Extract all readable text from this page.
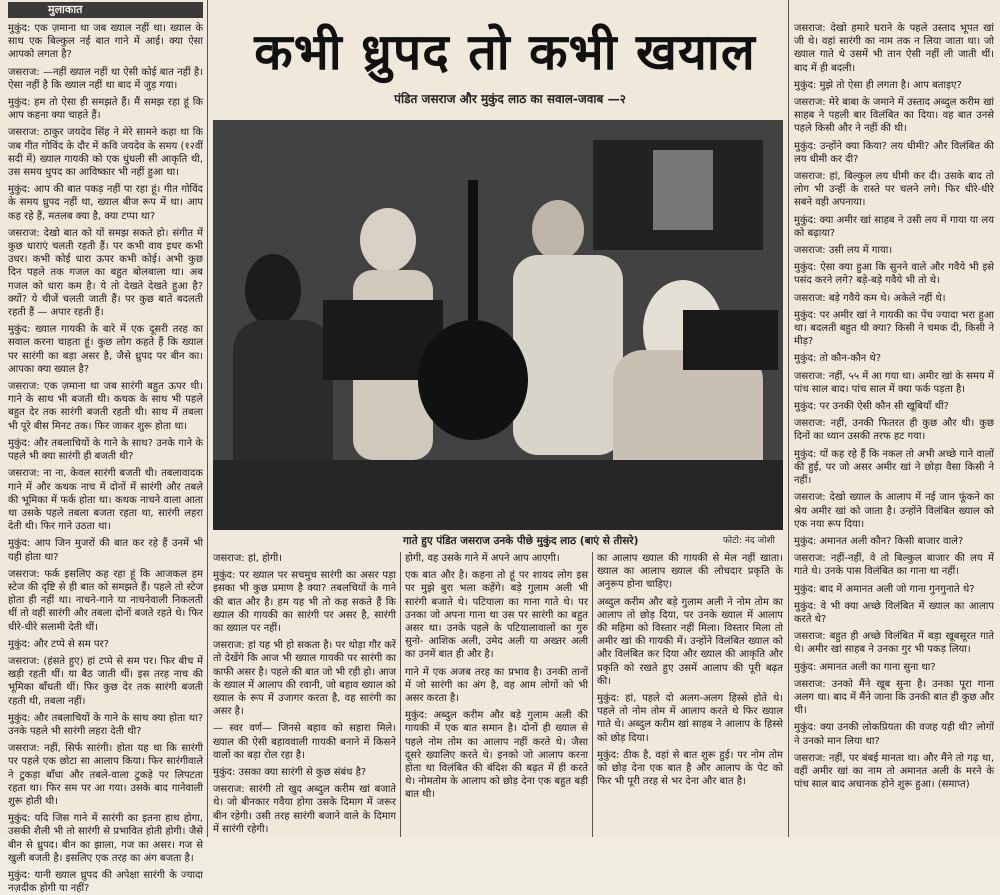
मुलाकात

मुकुंद: एक ज़माना था जब ख्याल नहीं था। ख्याल के साथ एक बिल्कुल नई बात गाने में आई। क्या ऐसा आपको लगता है?

जसराज: —नहीं ख्याल नहीं था ऐसी कोई बात नहीं है। ऐसा नहीं है कि ख्याल नहीं था बाद में जुड़ गया।

मुकुंद: हम तो ऐसा ही समझते हैं। मैं समझ रहा हूं कि आप कहना क्या चाहते हैं।

जसराज: ठाकुर जयदेव सिंह ने मेरे सामने कहा था कि जब गीत गोविंद के दौर में कवि जयदेव के समय (१२वीं सदी में) ख्याल गायकी को एक धुंधली सी आकृति थी, उस समय धुपद का आविष्कार भी नहीं हुआ था।

मुकुंद: आप की बात पकड़ नहीं पा रहा हूं। गीत गोविंद के समय ध्रुपद नहीं था, ख्याल बीज रूप में था। आप कह रहे हैं, मतलब क्या है, क्या टप्पा था?

जसराज: देखो बात को यों समझ सकते हो। संगीत में कुछ धाराएं चलती रहती हैं। पर कभी वाव इधर कभी उधर। कभी कोई धारा ऊपर कभी कोई। अभी कुछ दिन पहले तक गजल का बहुत बोलबाला था। अब गजल को धारा कम है। ये तो देखते देखते हुआ है? क्यों? ये चीजें चलती जाती हैं। पर कुछ बातें बदलती रहती हैं — अपार रहती हैं।

मुकुंद: ख्याल गायकी के बारे में एक दूसरी तरह का सवाल करना चाहता हूं। कुछ लोग कहते हैं कि ख्याल पर सारंगी का बड़ा असर है, जैसे ध्रुपद पर बीन का। आपका क्या ख्याल है?

जसराज: एक ज़माना था जब सारंगी बहुत ऊपर थी। गाने के साथ भी बजती थी। कथक के साथ भी पहले बहुत देर तक सारंगी बजती रहती थी। साथ में तबला भी पूरे बीस मिनट तक। फिर जाकर शुरू होता था।

मुकुंद: और तबलाचियों के गाने के साथ? उनके गाने के पहले भी क्या सारंगी ही बजती थी?

जसराज: ना ना, केवल सारंगी बजती थी। तबलावादक गाने में और कथक नाच में दोनों में सारंगी और तबले की भूमिका में फर्क होता था। कथक नाचने वाला आता था उसके पहले तबला बजता रहता था, सारंगी लहरा देती थी। फिर गाने उठता था।

मुकुंद: आप जिन मुजरों की बात कर रहे हैं उनमें भी यही होता था?

जसराज: फर्क इसलिए कह रहा हूं कि आजकल हम स्टेज की दृष्टि से ही बात को समझते हैं। पहले तो स्टेज होता ही नहीं था। नाचने-गाने या नाचनेवाली निकलती थीं तो वहीं सारंगी और तबला दोनों बजते रहते थे। फिर धीरे-धीरे सलामी देती थीं।

मुकुंद: और टप्पे से सम पर?

जसराज: (हंसते हुए) हां टप्पे से सम पर। फिर बीच में खड़ी रहती थीं। या बैठ जाती थीं। इस तरह नाच की भूमिका बाँधती थीं। फिर कुछ देर तक सारंगी बजती रहती थी, तबला नहीं।

मुकुंद: और तबलाचियों के गाने के साथ क्या होता था? उनके पहले भी सारंगी लहरा देती थी?

जसराज: नहीं, सिर्फ सारंगी। होता यह था कि सारंगी पर पहले एक छोटा सा आलाप किया। फिर सारंगीवाले ने टुकड़ा बाँधा और तबले-वाला टुकड़े पर लिपटता रहता था। फिर सम पर आ गया। उसके बाद गानेवाली शुरू होती थी।

मुकुंद: यदि जिस गाने में सारंगी का इतना हाथ होगा, उसकी शैली भी तो सारंगी से प्रभावित होती होगी। जैसे बीन से ध्रुपद। बीन का झाला, गज का असर। गज से खुली बजती है। इसलिए एक तरह का अंग बजता है।

मुकुंद: यानी ख्याल ध्रुपद की अपेक्षा सारंगी के ज्यादा नज़दीक होगी या नहीं?

कभी ध्रुपद तो कभी खयाल
पंडित जसराज और मुकुंद लाठ का सवाल-जवाब —२
गाते हुए पंडित जसराज उनके पीछे मुकुंद लाठ (बाएं से तीसरे)	फोटो: नंद जोशी

जसराज: देखो हमारे घराने के पहले उस्ताद भूपत खां जी थे। वहां सारंगी का नाम तक न लिया जाता था। जो ख्याल गाते थे उसमें भी तान ऐसी नहीं ली जाती थीं। बाद में ही बदली।

मुकुंद: मुझे तो ऐसा ही लगता है। आप बताइए?

जसराज: मेरे बाबा के जमाने में उस्ताद अब्दुल करीम खां साहब ने पहली बार विलंबित का दिया। वह बात उनसे पहले किसी और ने नहीं की थी।

मुकुंद: उन्होंने क्या किया? लय धीमी? और विलंबित की लय धीमी कर दी?

जसराज: हां, बिल्कुल लय धीमी कर दी। उसके बाद तो लोग भी उन्हीं के रास्ते पर चलने लगे। फिर धीरे-धीरे सबने वही अपनाया।

मुकुंद: क्या अमीर खां साहब ने उसी लय में गाया या लय को बढ़ाया?

जसराज: उसी लय में गाया।

मुकुंद: ऐसा क्या हुआ कि सुनने वाले और गवैये भी इसे पसंद करने लगे? बड़े-बड़े गवैये भी तो थे।

जसराज: बड़े गवैये कम थे। अकेले नहीं थे।

मुकुंद: पर अमीर खां ने गायकी का पेंच ज्यादा भरा हुआ था। बदलती बहुत थी क्या? किसी ने चमक दी, किसी ने मीड़?

मुकुंद: तो कौन-कौन थे?

जसराज: नहीं, ५५ में आ गया था। अमीर खां के समय में पांच साल बाद। पांच साल में क्या फर्क पड़ता है।

मुकुंद: पर उनकी ऐसी कौन सी खूबियाँ थीं?

जसराज: नहीं, उनकी फितरत ही कुछ और थी। कुछ दिनों का ध्यान उसकी तरफ हट गया।

मुकुंद: यों कह रहे हैं कि नकल तो अभी अच्छे गाने वालों की हुई, पर जो असर अमीर खां ने छोड़ा वैसा किसी ने नहीं।

जसराज: देखो ख्याल के आलाप में नई जान फूंकने का श्रेय अमीर खां को जाता है। उन्होंने विलंबित ख्याल को एक नया रूप दिया।

मुकुंद: अमानत अली कौन? किसी बाजार वाले?

जसराज: नहीं-नहीं, वे तो बिल्कुल बाजार की लय में गाते थे। उनके पास विलंबित का गाना था नहीं।

मुकुंद: बाद में अमानत अली जो गाना गुनगुनाते थे?

मुकुंद: वे भी क्या अच्छे विलंबित में ख्याल का आलाप करते थे?

जसराज: बहुत ही अच्छे विलंबित में बड़ा खूबसूरत गाते थे। अमीर खां साहब ने उनका गुर भी पकड़ लिया।

मुकुंद: अमानत अली का गाना सुना था?

जसराज: उनको मैंने खूब सुना है। उनका पूरा गाना अलग था। बाद में मैंने जाना कि उनकी बात ही कुछ और थी।

मुकुंद: क्या उनकी लोकप्रियता की वजह यही थी? लोगों ने उनको मान लिया था?

जसराज: नहीं, पर बंबई मानता था। और मैंने तो गढ़ था, वहीं अमीर खां का नाम तो अमानत अली के मरने के पांच साल बाद अचानक होने शुरू हुआ। (समाप्त)

जसराज: हां, होगी।

मुकुंद: पर ख्याल पर सचमुच सारंगी का असर पड़ा इसका भी कुछ प्रमाण है क्या? तबलचियों के गाने की बात और है। हम यह भी तो कह सकते हैं कि ख्याल की गायकी का सारंगी पर असर है, सारंगी का ख्याल पर नहीं।

जसराज: हां यह भी हो सकता है। पर थोड़ा गौर करें तो देखेंगे कि आज भी ख्याल गायकी पर सारंगी का काफी असर है। पहले की बात जो भी रही हो। आज के ख्याल में आलाप की रवानी, जो बहाव ख्याल को ख्याल के रूप में उजागर करता है, वह सारंगी का असर है।

— स्वर वर्ण— जिनसे बहाव को सहारा मिले। ख्याल की ऐसी बहाववाली गायकी बनाने में किसने वालों का बड़ा रोल रहा है।

मुकुंद: उसका क्या सारंगी से कुछ संबंध है?

जसराज: सारंगी तो खुद अब्दुल करीम खां बजाते थे। जो बीनकार गवैया होगा उसके दिमाग में जरूर बीन रहेगी। उसी तरह सारंगी बजाने वाले के दिमाग में सारंगी रहेगी।

होगी, वह उसके गाने में अपने आप आएगी।

एक बात और है। कहना तो हूं पर शायद लोग इस पर मुझे बुरा भला कहेंगे। बड़े गुलाम अली भी सारंगी बजाते थे। पटियाला का गाना गाते थे। पर उनका जो अपना गाना था उस पर सारंगी का बहुत असर था। उनके पहले के पटियालावालों का गुरु सुनो- आशिक अली, उमेद अली या अख्तर अली का उनमें बात ही और है।

गाने में एक अजब तरह का प्रभाव है। उनकी तानों में जो सारंगी का अंग है, वह आम लोगों को भी असर करता है।

मुकुंद: अब्दुल करीम और बड़े गुलाम अली की गायकी में एक बात समान है। दोनों ही ख्याल से पहले नोम तोम का आलाप नहीं करते थे। जैसा दूसरे ख्यालिए करते थे। इनको जो आलाप करना होता था विलंबित की बंदिश की बढ़त में ही करते थे। नोमतोम के आलाप को छोड़ देना एक बहुत बड़ी बात थी।

का आलाप ख्याल की गायकी से मेल नहीं खाता। ख्याल का आलाप ख्याल की लोचदार प्रकृति के अनुरूप होना चाहिए।

अब्दुल करीम और बड़े गुलाम अली ने नोम तोम का आलाप तो छोड़ दिया, पर उनके ख्याल में आलाप की महिमा को विस्तार नहीं मिला। विस्तार मिला तो अमीर खां की गायकी में। उन्होंने विलंबित ख्याल को और विलंबित कर दिया और ख्याल की आकृति और प्रकृति को रखते हुए उसमें आलाप की पूरी बढ़त की।

मुकुंद: हां, पहले दो अलग-अलग हिस्से होते थे। पहले तो नोम तोम में आलाप करते थे फिर ख्याल गाते थे। अब्दुल करीम खां साहब ने आलाप के हिस्से को छोड़ दिया।

मुकुंद: ठीक है, वहां से बात शुरू हुई। पर नोम तोम को छोड़ देना एक बात है और आलाप के पेट को फिर भी पूरी तरह से भर देना और बात है।
